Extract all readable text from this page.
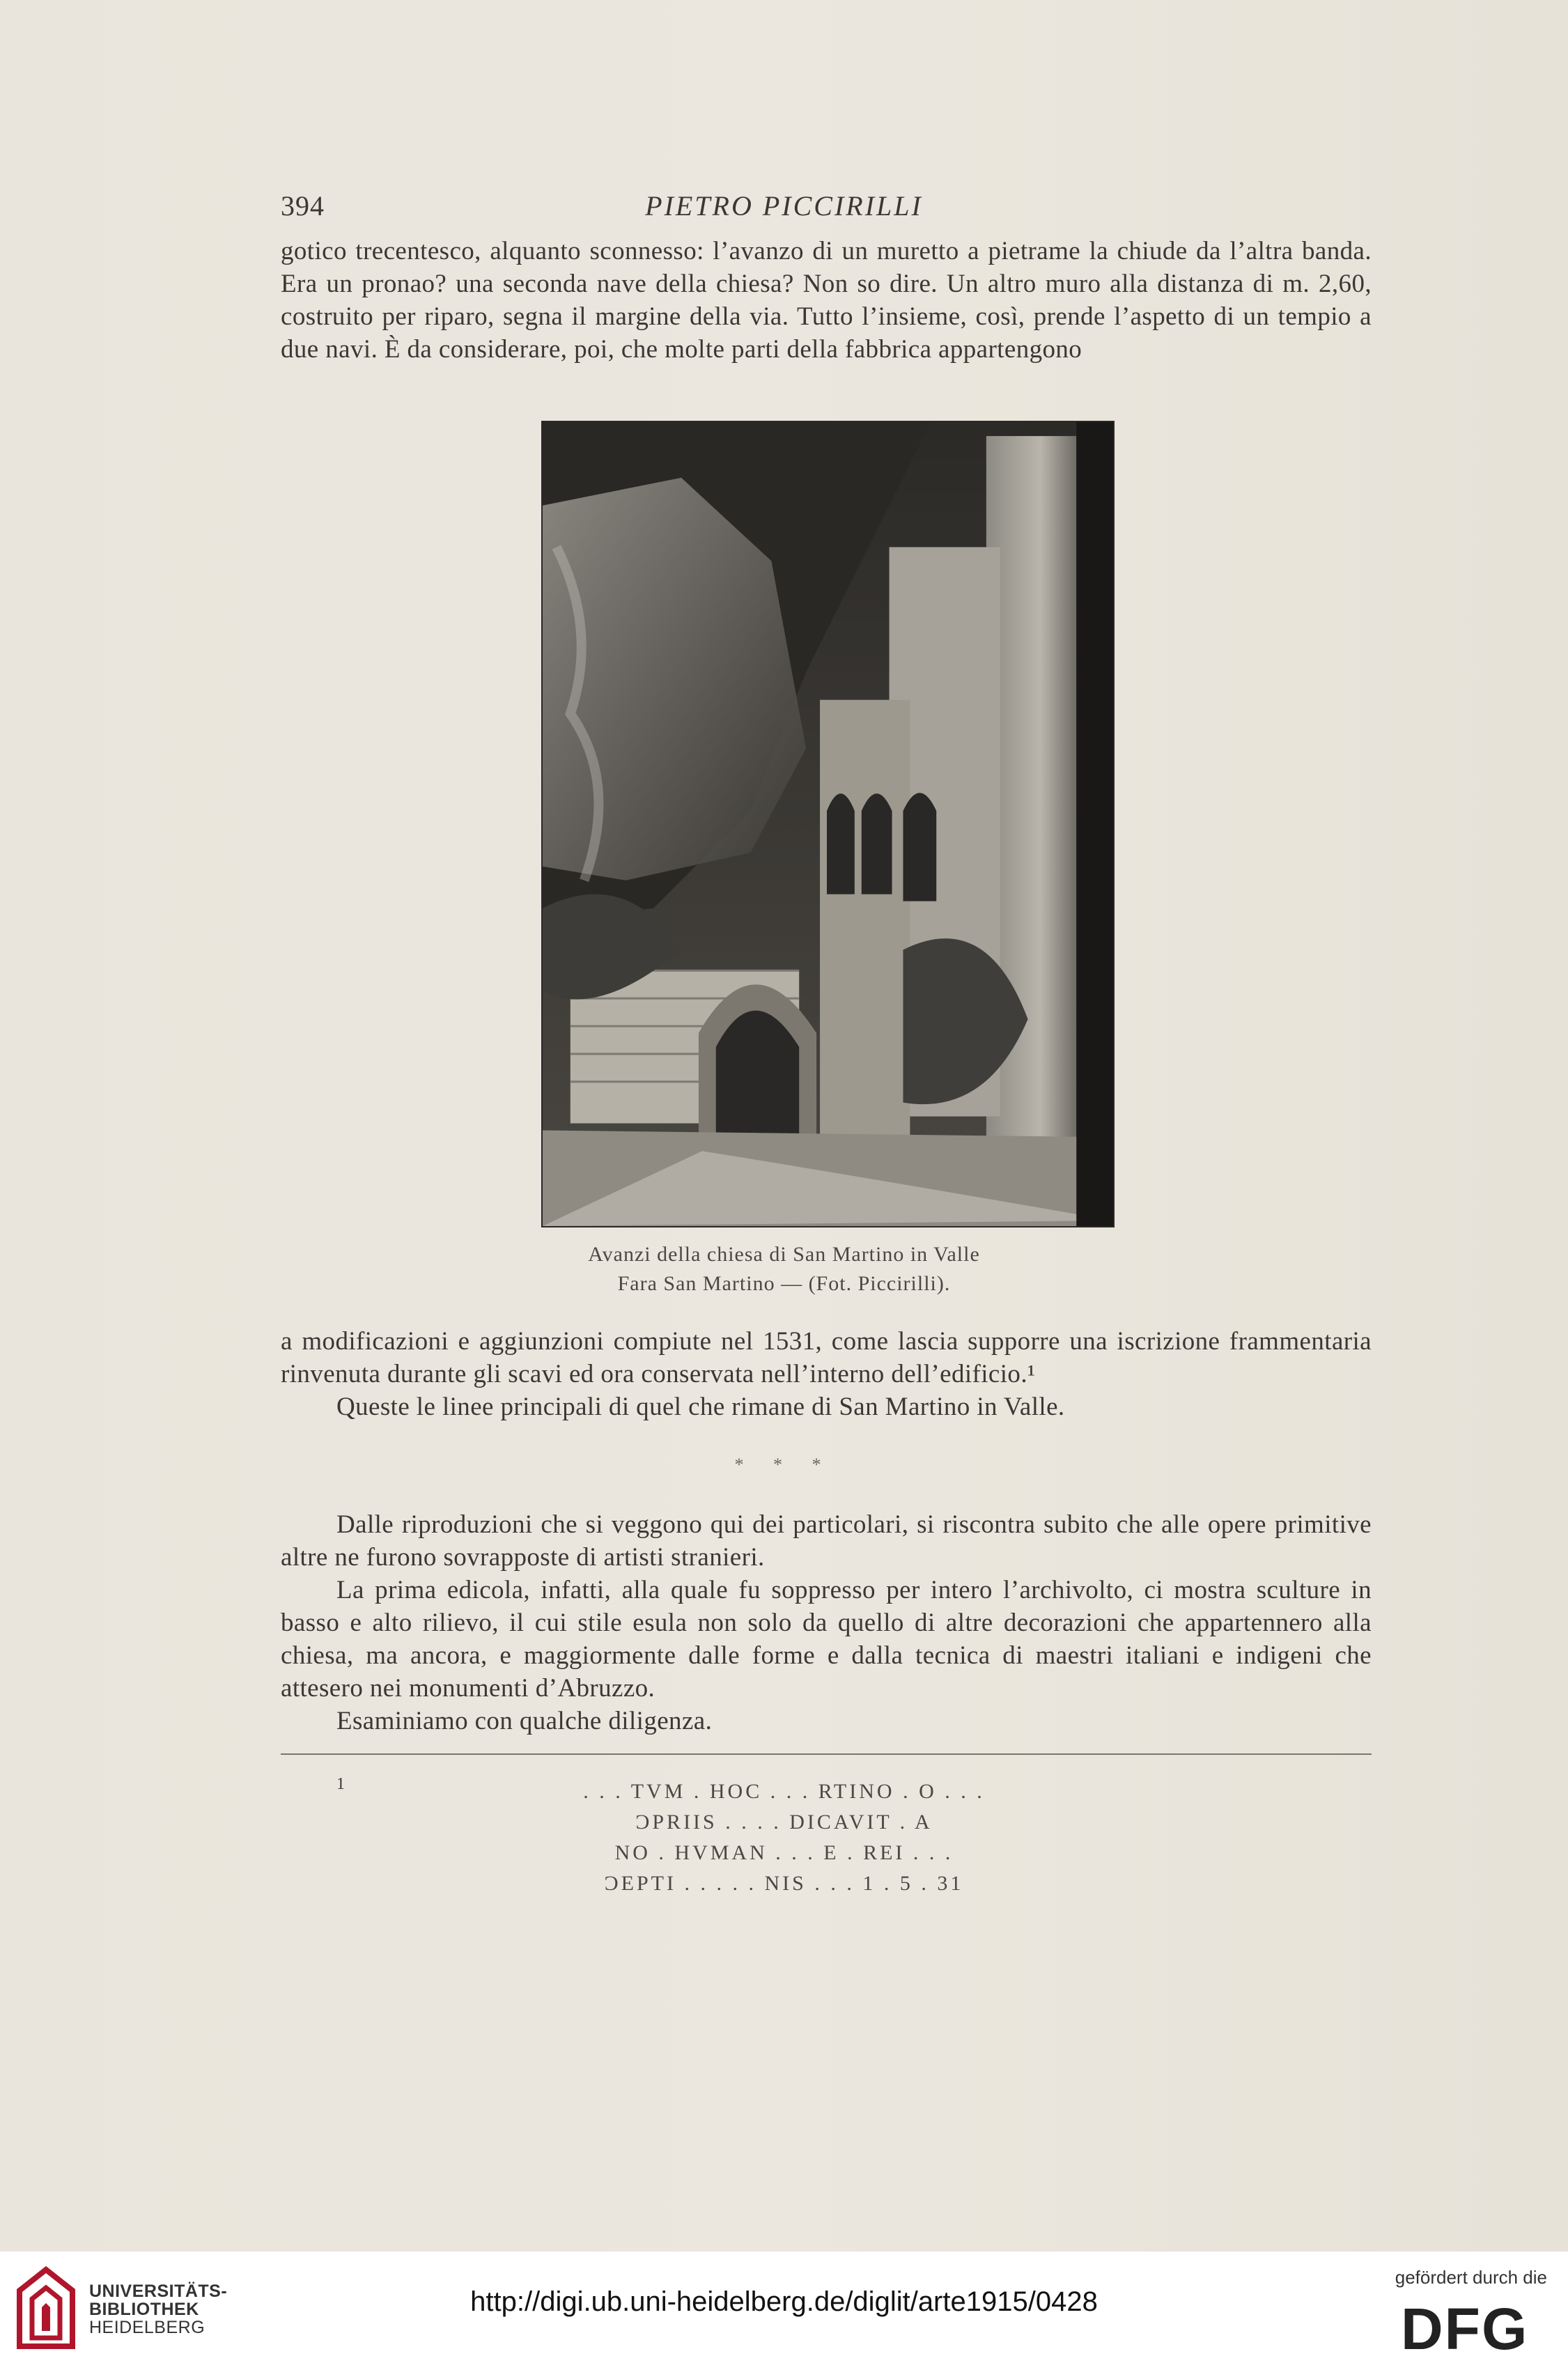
394	PIETRO PICCIRILLI

gotico trecentesco, alquanto sconnesso: l’avanzo di un muretto a pietrame la chiude da l’altra banda. Era un pronao? una seconda nave della chiesa? Non so dire. Un altro muro alla distanza di m. 2,60, costruito per riparo, segna il margine della via. Tutto l’insieme, così, prende l’aspetto di un tempio a due navi. È da considerare, poi, che molte parti della fabbrica appartengono

Avanzi della chiesa di San Martino in Valle
Fara San Martino — (Fot. Piccirilli).

a modificazioni e aggiunzioni compiute nel 1531, come lascia supporre una iscrizione frammentaria rinvenuta durante gli scavi ed ora conservata nell’interno dell’edificio.¹

Queste le linee principali di quel che rimane di San Martino in Valle.

* * *

Dalle riproduzioni che si veggono qui dei particolari, si riscontra subito che alle opere primitive altre ne furono sovrapposte di artisti stranieri.

La prima edicola, infatti, alla quale fu soppresso per intero l’archivolto, ci mostra sculture in basso e alto rilievo, il cui stile esula non solo da quello di altre decorazioni che appartennero alla chiesa, ma ancora, e maggiormente dalle forme e dalla tecnica di maestri italiani e indigeni che attesero nei monumenti d’Abruzzo.

Esaminiamo con qualche diligenza.

1	. . . TVM . HOC . . . RTINO . O . . .
ƆPRIIS . . . . DICAVIT . A
NO . HVMAN . . . E . REI . . .
ƆEPTI . . . . . NIS . . . 1 . 5 . 31
UNIVERSITÄTS-
BIBLIOTHEK
HEIDELBERG
http://digi.ub.uni-heidelberg.de/diglit/arte1915/0428
gefördert durch die
DFG
